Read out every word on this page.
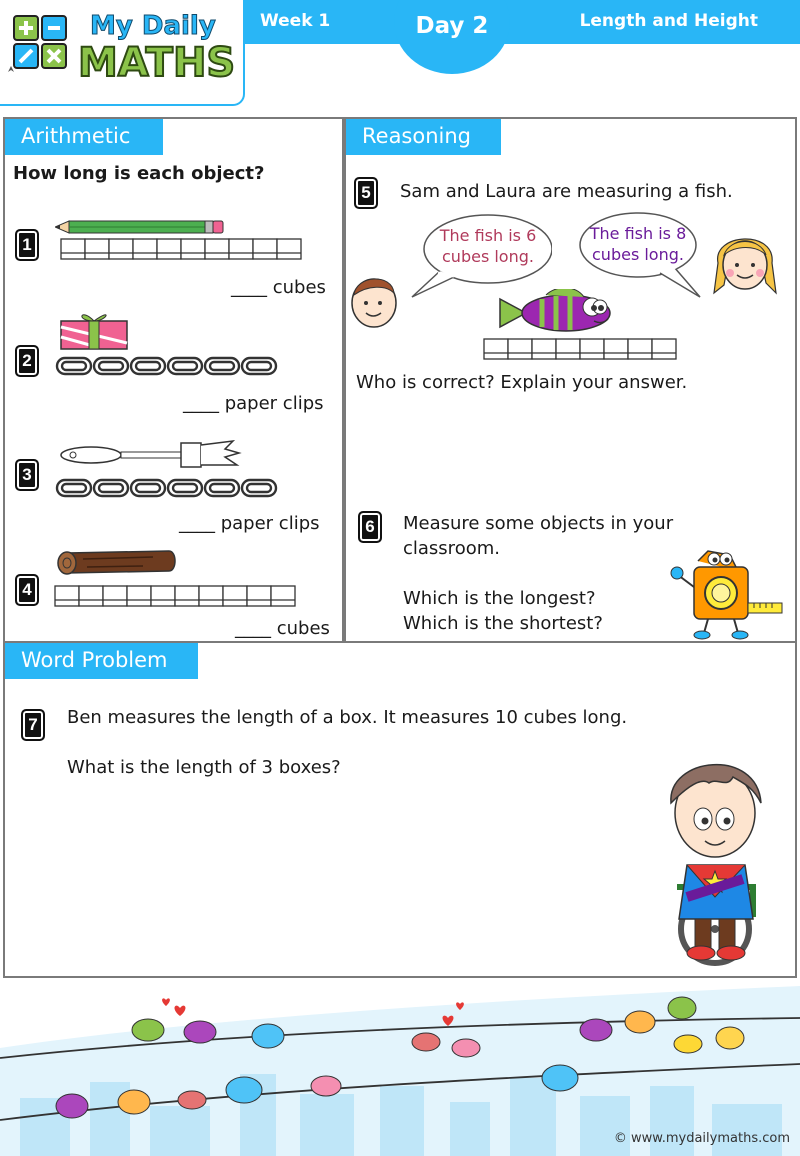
Week 1	Length and Height
Day 2
My Daily
MATHS
Arithmetic
How long is each object?
1
____ cubes
2
____ paper clips
3
____ paper clips
4
____ cubes
Reasoning
5	Sam and Laura are measuring a fish.
The fish is 6
cubes long.
The fish is 8
cubes long.
Who is correct? Explain your answer.
6	Measure some objects in your
classroom.
Which is the longest?
Which is the shortest?
Word Problem
7	Ben measures the length of a box. It measures 10 cubes long.
What is the length of 3 boxes?
© www.mydailymaths.com
